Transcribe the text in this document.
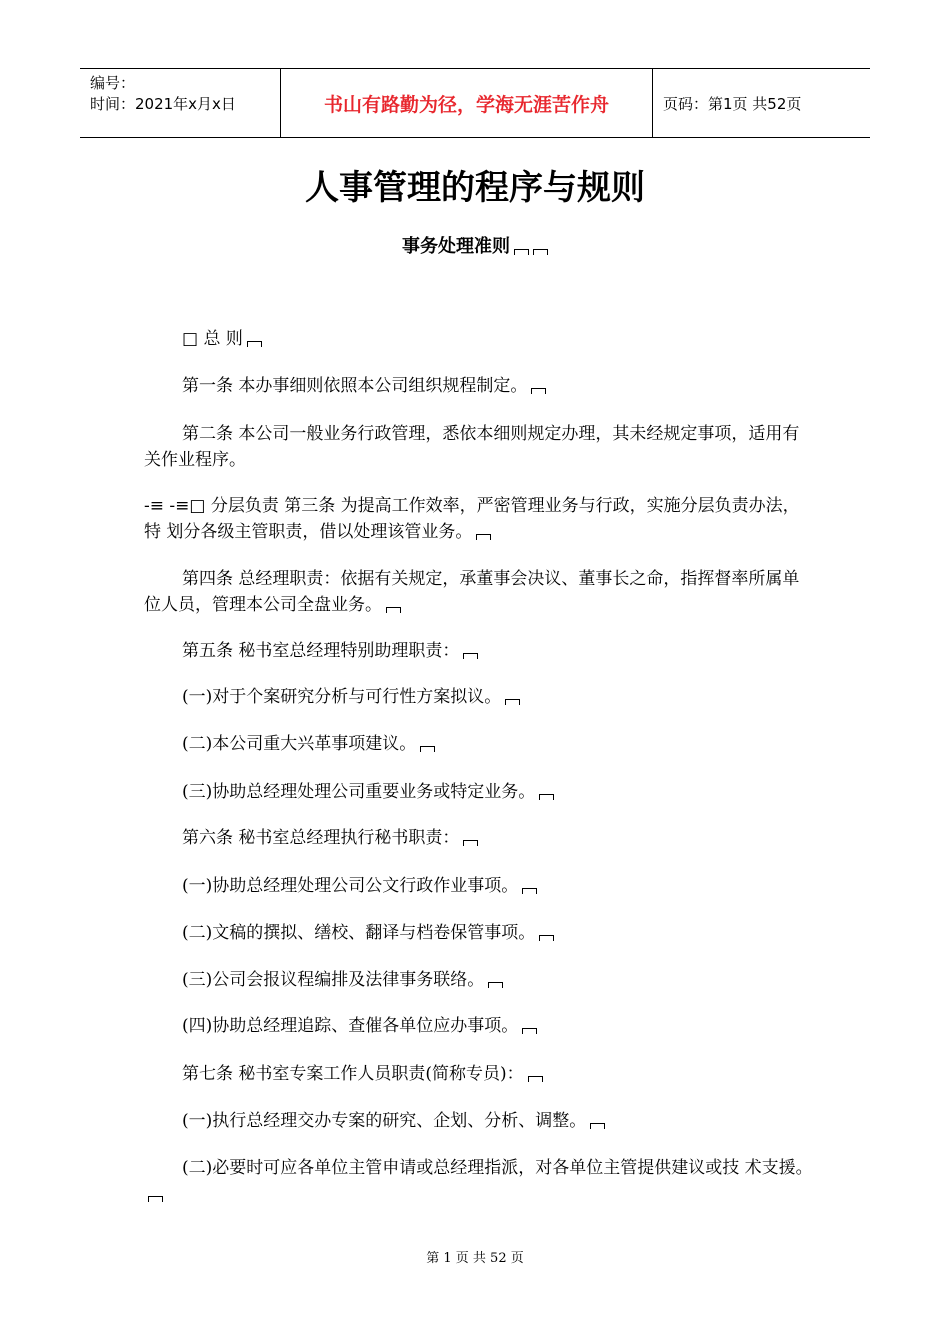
编号：
时间：2021年x月x日	书山有路勤为径，学海无涯苦作舟	页码：第1页 共52页
人事管理的程序与规则
事务处理准则
□ 总 则
第一条 本办事细则依照本公司组织规程制定。
第二条 本公司一般业务行政管理，悉依本细则规定办理，其未经规定事项，适用有关作业程序。
-≡ -≡□ 分层负责 第三条 为提高工作效率，严密管理业务与行政，实施分层负责办法，特 划分各级主管职责，借以处理该管业务。
第四条 总经理职责：依据有关规定，承董事会决议、董事长之命，指挥督率所属单位人员，管理本公司全盘业务。
第五条 秘书室总经理特别助理职责：
(一)对于个案研究分析与可行性方案拟议。
(二)本公司重大兴革事项建议。
(三)协助总经理处理公司重要业务或特定业务。
第六条 秘书室总经理执行秘书职责：
(一)协助总经理处理公司公文行政作业事项。
(二)文稿的撰拟、缮校、翻译与档卷保管事项。
(三)公司会报议程编排及法律事务联络。
(四)协助总经理追踪、查催各单位应办事项。
第七条 秘书室专案工作人员职责(简称专员)：
(一)执行总经理交办专案的研究、企划、分析、调整。
(二)必要时可应各单位主管申请或总经理指派，对各单位主管提供建议或技 术支援。
第 1 页 共 52 页
